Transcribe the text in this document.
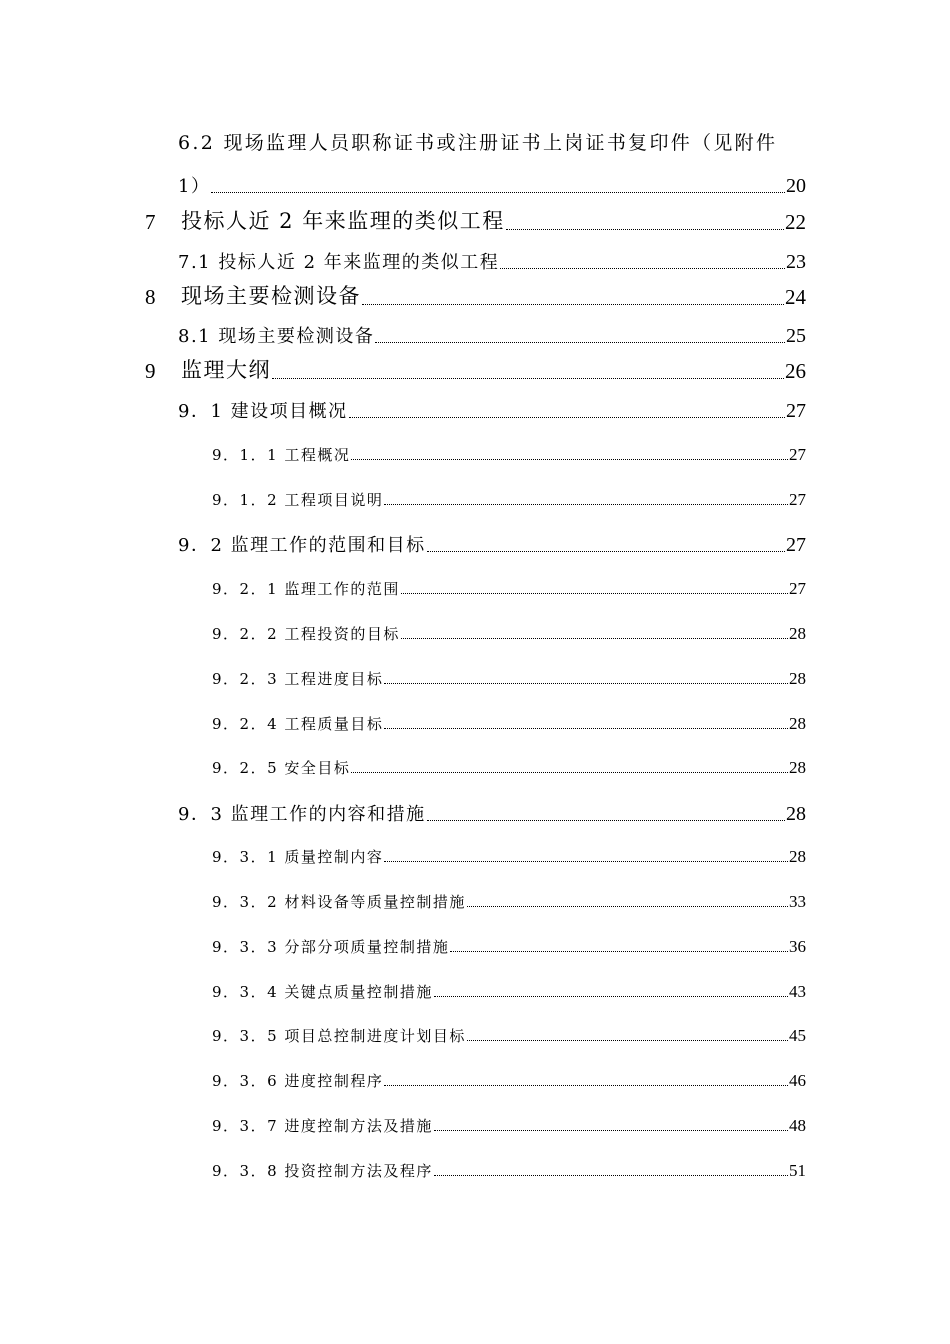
6.2 现场监理人员职称证书或注册证书上岗证书复印件（见附件
1）	20
7	投标人近 2 年来监理的类似工程	22
7.1 投标人近 2 年来监理的类似工程	23
8	现场主要检测设备	24
8.1 现场主要检测设备	25
9	监理大纲	26
9．1 建设项目概况	27
9．1．1 工程概况	27
9．1．2 工程项目说明	27
9．2 监理工作的范围和目标	27
9．2．1 监理工作的范围	27
9．2．2 工程投资的目标	28
9．2．3 工程进度目标	28
9．2．4 工程质量目标	28
9．2．5 安全目标	28
9．3 监理工作的内容和措施	28
9．3．1 质量控制内容	28
9．3．2 材料设备等质量控制措施	33
9．3．3 分部分项质量控制措施	36
9．3．4 关键点质量控制措施	43
9．3．5 项目总控制进度计划目标	45
9．3．6 进度控制程序	46
9．3．7 进度控制方法及措施	48
9．3．8 投资控制方法及程序	51
